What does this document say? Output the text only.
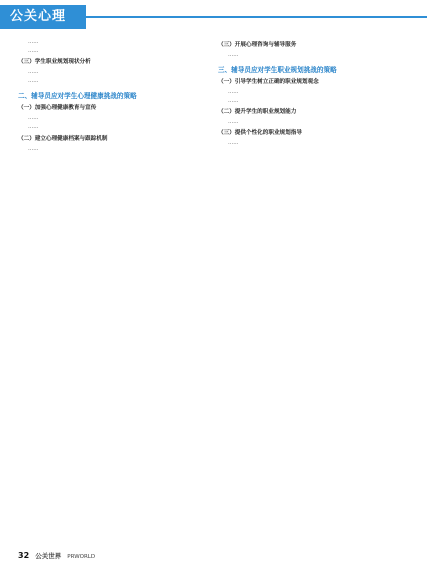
公关心理

……

……

（三）学生职业规划现状分析

……

……

二、辅导员应对学生心理健康挑战的策略
（一）加强心理健康教育与宣传

……

……

（二）建立心理健康档案与跟踪机制

……

（三）开展心理咨询与辅导服务

……

三、辅导员应对学生职业规划挑战的策略
（一）引导学生树立正确的职业规划观念

……

……

（二）提升学生的职业规划能力

……

（三）提供个性化的职业规划指导

……

32 公关世界 PRWORLD
